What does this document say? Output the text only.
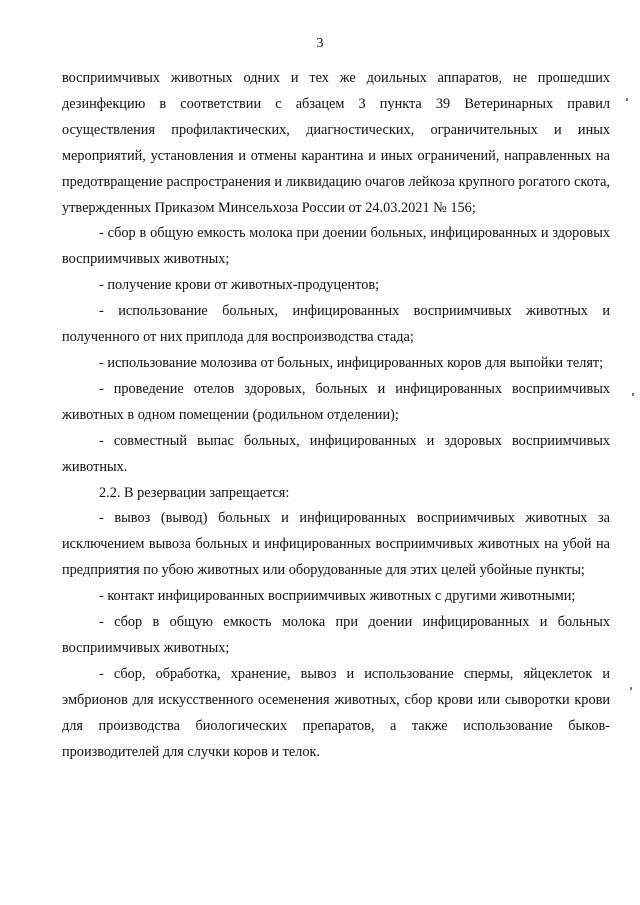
3

восприимчивых животных одних и тех же доильных аппаратов, не прошедших дезинфекцию в соответствии с абзацем 3 пункта 39 Ветеринарных правил осуществления профилактических, диагностических, ограничительных и иных мероприятий, установления и отмены карантина и иных ограничений, направленных на предотвращение распространения и ликвидацию очагов лейкоза крупного рогатого скота, утвержденных Приказом Минсельхоза России от 24.03.2021 № 156;

- сбор в общую емкость молока при доении больных, инфицированных и здоровых восприимчивых животных;

- получение крови от животных-продуцентов;

- использование больных, инфицированных восприимчивых животных и полученного от них приплода для воспроизводства стада;

- использование молозива от больных, инфицированных коров для выпойки телят;

- проведение отелов здоровых, больных и инфицированных восприимчивых животных в одном помещении (родильном отделении);

- совместный выпас больных, инфицированных и здоровых восприимчивых животных.

2.2. В резервации запрещается:

- вывоз (вывод) больных и инфицированных восприимчивых животных за исключением вывоза больных и инфицированных восприимчивых животных на убой на предприятия по убою животных или оборудованные для этих целей убойные пункты;

- контакт инфицированных восприимчивых животных с другими животными;

- сбор в общую емкость молока при доении инфицированных и больных восприимчивых животных;

- сбор, обработка, хранение, вывоз и использование спермы, яйцеклеток и эмбрионов для искусственного осеменения животных, сбор крови или сыворотки крови для производства биологических препаратов, а также использование быков-производителей для случки коров и телок.
